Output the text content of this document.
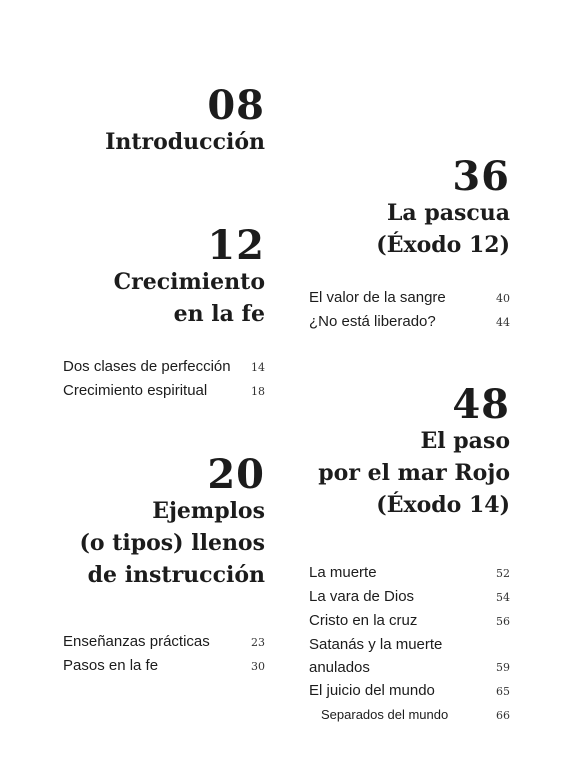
08
Introducción
12
Crecimiento
en la fe
Dos clases de perfección 14
Crecimiento espiritual	18
20
Ejemplos
(o tipos) llenos
de instrucción
Enseñanzas prácticas	23
Pasos en la fe	30
36
La pascua
(Éxodo 12)
El valor de la sangre	40
¿No está liberado?	44
48
El paso
por el mar Rojo
(Éxodo 14)
La muerte	52
La vara de Dios	54
Cristo en la cruz	56
Satanás y la muerte anulados	59
El juicio del mundo	65
Separados del mundo	66
